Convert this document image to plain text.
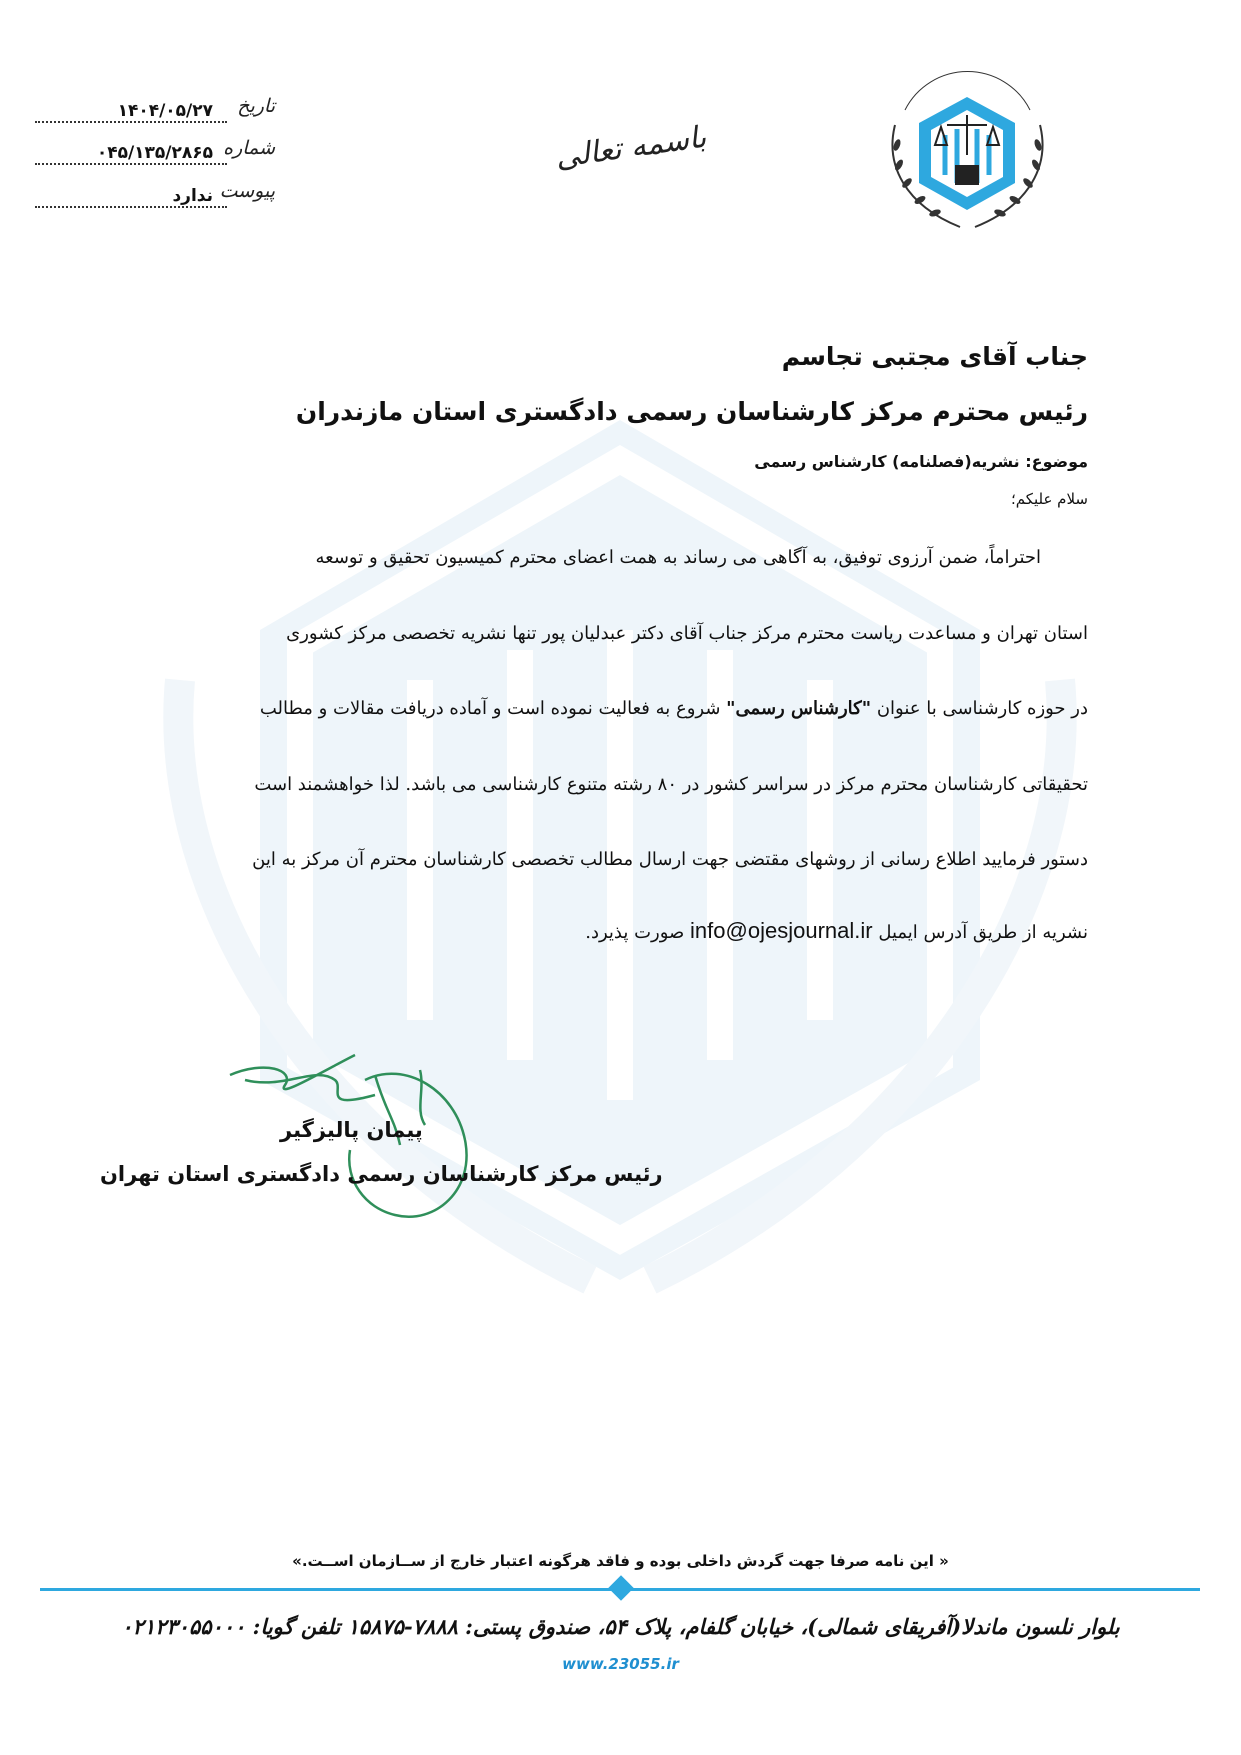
تاریخ
۱۴۰۴/۰۵/۲۷
شماره
۰۴۵/۱۳۵/۲۸۶۵
پیوست
ندارد
باسمه تعالی
جناب آقای مجتبی تجاسم
رئیس محترم مرکز کارشناسان رسمی دادگستری استان مازندران
موضوع: نشریه(فصلنامه) کارشناس رسمی
سلام علیکم؛
احتراماً، ضمن آرزوی توفیق، به آگاهی می رساند به همت اعضای محترم کمیسیون تحقیق و توسعه
استان تهران و مساعدت ریاست محترم مرکز جناب آقای دکتر عبدلیان پور تنها نشریه تخصصی مرکز کشوری
در حوزه کارشناسی با عنوان "کارشناس رسمی" شروع به فعالیت نموده است و آماده دریافت مقالات و مطالب
تحقیقاتی کارشناسان محترم مرکز در سراسر کشور در ۸۰ رشته متنوع کارشناسی می باشد. لذا خواهشمند است
دستور فرمایید اطلاع رسانی از روشهای مقتضی جهت ارسال مطالب تخصصی کارشناسان محترم آن مرکز به این
نشریه از طریق آدرس ایمیل info@ojesjournal.ir صورت پذیرد.
پیمان پالیزگیر
رئیس مرکز کارشناسان رسمی دادگستری استان تهران
« این نامه صرفا جهت گردش داخلی بوده و فاقد هرگونه اعتبار خارج از ســازمان اســت.»
بلوار نلسون ماندلا(آفریقای شمالی)، خیابان گلفام، پلاک ۵۴، صندوق پستی: ۷۸۸۸-۱۵۸۷۵ تلفن گویا: ۰۲۱۲۳۰۵۵۰۰۰
www.23055.ir
